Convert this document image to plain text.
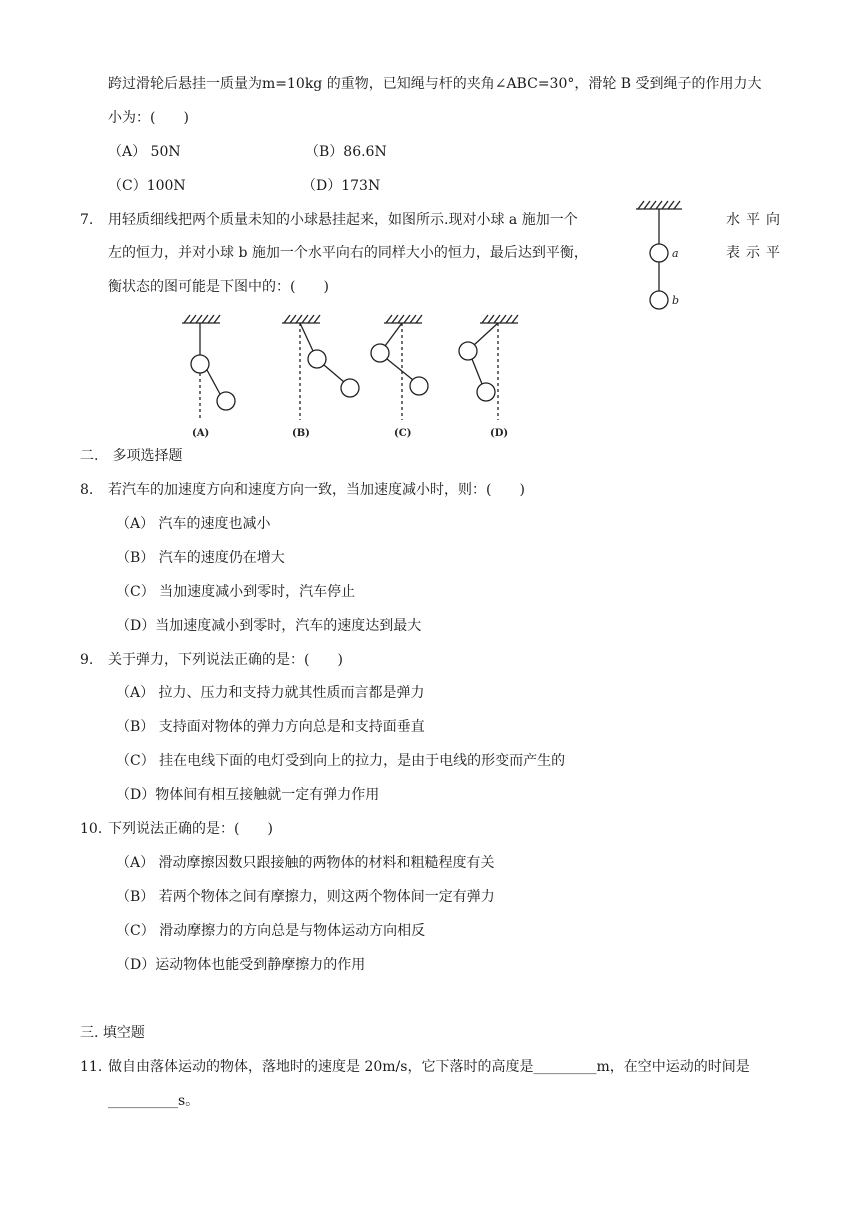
跨过滑轮后悬挂一质量为m=10kg 的重物，已知绳与杆的夹角∠ABC=30°，滑轮 B 受到绳子的作用力大
小为：(　　)
（A） 50N	（B）86.6N
（C）100N	（D）173N
7. 用轻质细线把两个质量未知的小球悬挂起来，如图所示.现对小球 a 施加一个	水 平 向
左的恒力，并对小球 b 施加一个水平向右的同样大小的恒力，最后达到平衡，	表 示 平
衡状态的图可能是下图中的：(　　)
a
b
(A)	(B)	(C)	(D)
二.　多项选择题
8. 若汽车的加速度方向和速度方向一致，当加速度减小时，则：(　　)
（A） 汽车的速度也减小
（B） 汽车的速度仍在增大
（C） 当加速度减小到零时，汽车停止
（D）当加速度减小到零时，汽车的速度达到最大
9. 关于弹力，下列说法正确的是：(　　)
（A） 拉力、压力和支持力就其性质而言都是弹力
（B） 支持面对物体的弹力方向总是和支持面垂直
（C） 挂在电线下面的电灯受到向上的拉力，是由于电线的形变而产生的
（D）物体间有相互接触就一定有弹力作用
10. 下列说法正确的是：(　　)
（A） 滑动摩擦因数只跟接触的两物体的材料和粗糙程度有关
（B） 若两个物体之间有摩擦力，则这两个物体间一定有弹力
（C） 滑动摩擦力的方向总是与物体运动方向相反
（D）运动物体也能受到静摩擦力的作用
三. 填空题
11. 做自由落体运动的物体，落地时的速度是 20m/s，它下落时的高度是_________m，在空中运动的时间是
__________s。
